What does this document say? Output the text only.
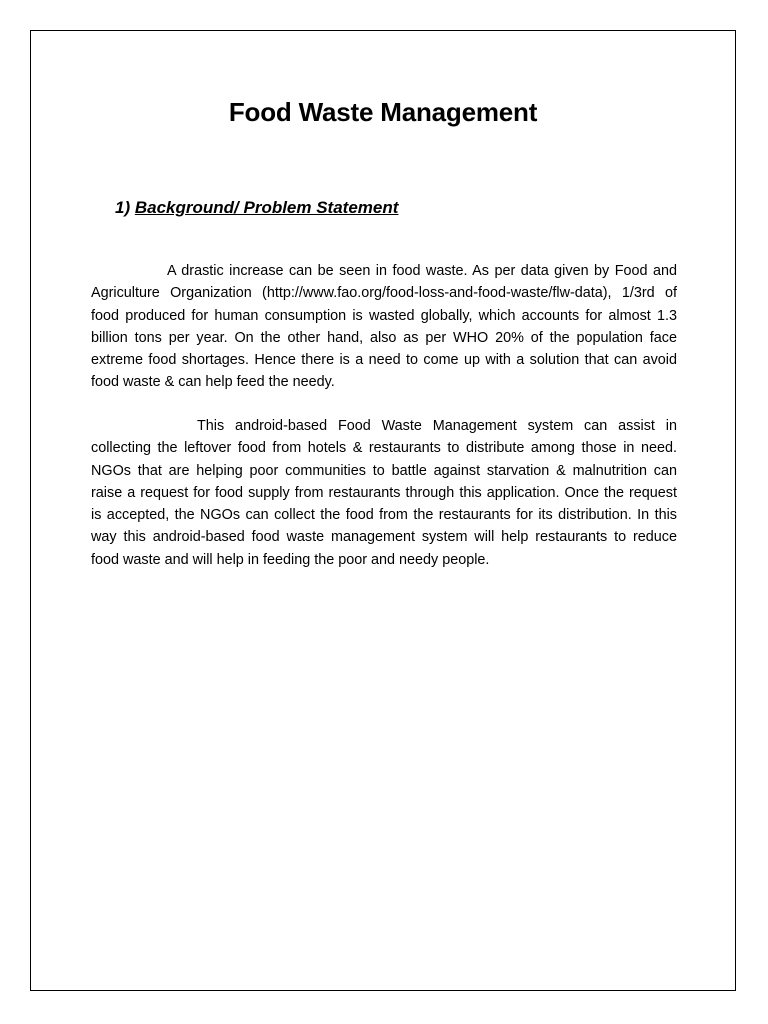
Food Waste Management
1) Background/ Problem Statement

A drastic increase can be seen in food waste. As per data given by Food and Agriculture Organization (http://www.fao.org/food-loss-and-food-waste/flw-data), 1/3rd of food produced for human consumption is wasted globally, which accounts for almost 1.3 billion tons per year. On the other hand, also as per WHO 20% of the population face extreme food shortages. Hence there is a need to come up with a solution that can avoid food waste & can help feed the needy.

This android-based Food Waste Management system can assist in collecting the leftover food from hotels & restaurants to distribute among those in need. NGOs that are helping poor communities to battle against starvation & malnutrition can raise a request for food supply from restaurants through this application. Once the request is accepted, the NGOs can collect the food from the restaurants for its distribution. In this way this android-based food waste management system will help restaurants to reduce food waste and will help in feeding the poor and needy people.
